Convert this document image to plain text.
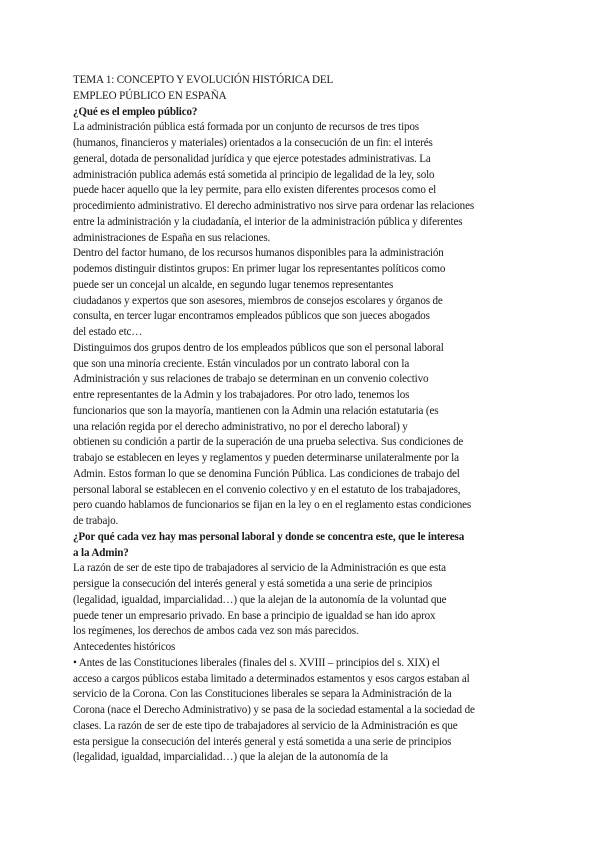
TEMA 1: CONCEPTO Y EVOLUCIÓN HISTÓRICA DEL
EMPLEO PÚBLICO EN ESPAÑA
¿Qué es el empleo público?
La administración pública está formada por un conjunto de recursos de tres tipos
(humanos, financieros y materiales) orientados a la consecución de un fin: el interés
general, dotada de personalidad jurídica y que ejerce potestades administrativas. La
administración publica además está sometida al principio de legalidad de la ley, solo
puede hacer aquello que la ley permite, para ello existen diferentes procesos como el
procedimiento administrativo. El derecho administrativo nos sirve para ordenar las relaciones
entre la administración y la ciudadanía, el interior de la administración pública y diferentes
administraciones de España en sus relaciones.
Dentro del factor humano, de los recursos humanos disponibles para la administración
podemos distinguir distintos grupos: En primer lugar los representantes políticos como
puede ser un concejal un alcalde, en segundo lugar tenemos representantes
ciudadanos y expertos que son asesores, miembros de consejos escolares y órganos de
consulta, en tercer lugar encontramos empleados públicos que son jueces abogados
del estado etc…
Distinguimos dos grupos dentro de los empleados públicos que son el personal laboral
que son una minoría creciente. Están vinculados por un contrato laboral con la
Administración y sus relaciones de trabajo se determinan en un convenio colectivo
entre representantes de la Admin y los trabajadores. Por otro lado, tenemos los
funcionarios que son la mayoría, mantienen con la Admin una relación estatutaria (es
una relación regida por el derecho administrativo, no por el derecho laboral) y
obtienen su condición a partir de la superación de una prueba selectiva. Sus condiciones de
trabajo se establecen en leyes y reglamentos y pueden determinarse unilateralmente por la
Admin. Estos forman lo que se denomina Función Pública. Las condiciones de trabajo del
personal laboral se establecen en el convenio colectivo y en el estatuto de los trabajadores,
pero cuando hablamos de funcionarios se fijan en la ley o en el reglamento estas condiciones
de trabajo.
¿Por qué cada vez hay mas personal laboral y donde se concentra este, que le interesa
a la Admin?
La razón de ser de este tipo de trabajadores al servicio de la Administración es que esta
persigue la consecución del interés general y está sometida a una serie de principios
(legalidad, igualdad, imparcialidad…) que la alejan de la autonomía de la voluntad que
puede tener un empresario privado. En base a principio de igualdad se han ido aprox
los regímenes, los derechos de ambos cada vez son más parecidos.
Antecedentes históricos
• Antes de las Constituciones liberales (finales del s. XVIII – principios del s. XIX) el
acceso a cargos públicos estaba limitado a determinados estamentos y esos cargos estaban al
servicio de la Corona. Con las Constituciones liberales se separa la Administración de la
Corona (nace el Derecho Administrativo) y se pasa de la sociedad estamental a la sociedad de
clases. La razón de ser de este tipo de trabajadores al servicio de la Administración es que
esta persigue la consecución del interés general y está sometida a una serie de principios
(legalidad, igualdad, imparcialidad…) que la alejan de la autonomía de la
